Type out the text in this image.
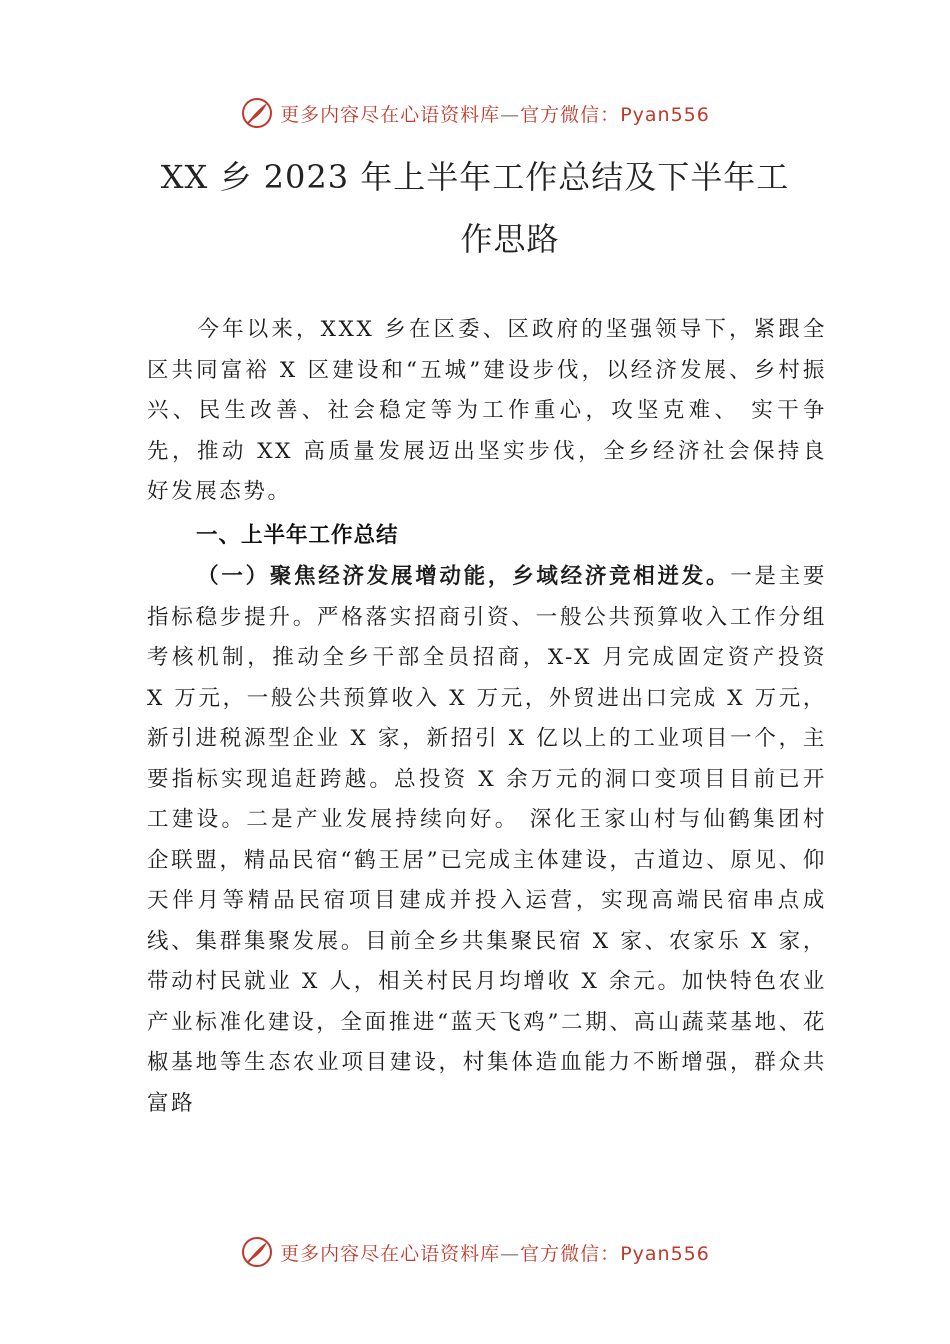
更多内容尽在心语资料库—官方微信：Pyan556
XX 乡 2023 年上半年工作总结及下半年工
作思路
今年以来，XXX 乡在区委、区政府的坚强领导下，紧跟全区共同富裕 X 区建设和“五城”建设步伐，以经济发展、乡村振兴、民生改善、社会稳定等为工作重心，攻坚克难、 实干争先，推动 XX 高质量发展迈出坚实步伐，全乡经济社会保持良好发展态势。
一、上半年工作总结
（一）聚焦经济发展增动能，乡域经济竞相迸发。一是主要指标稳步提升。严格落实招商引资、一般公共预算收入工作分组考核机制，推动全乡干部全员招商，X-X 月完成固定资产投资 X 万元，一般公共预算收入 X 万元，外贸进出口完成 X 万元，新引进税源型企业 X 家，新招引 X 亿以上的工业项目一个，主要指标实现追赶跨越。总投资 X 余万元的洞口变项目目前已开工建设。二是产业发展持续向好。 深化王家山村与仙鹤集团村企联盟，精品民宿“鹤王居”已完成主体建设，古道边、原见、仰天伴月等精品民宿项目建成并投入运营，实现高端民宿串点成线、集群集聚发展。目前全乡共集聚民宿 X 家、农家乐 X 家，带动村民就业 X 人，相关村民月均增收 X 余元。加快特色农业产业标准化建设，全面推进“蓝天飞鸡”二期、高山蔬菜基地、花椒基地等生态农业项目建设，村集体造血能力不断增强，群众共富路
更多内容尽在心语资料库—官方微信：Pyan556
